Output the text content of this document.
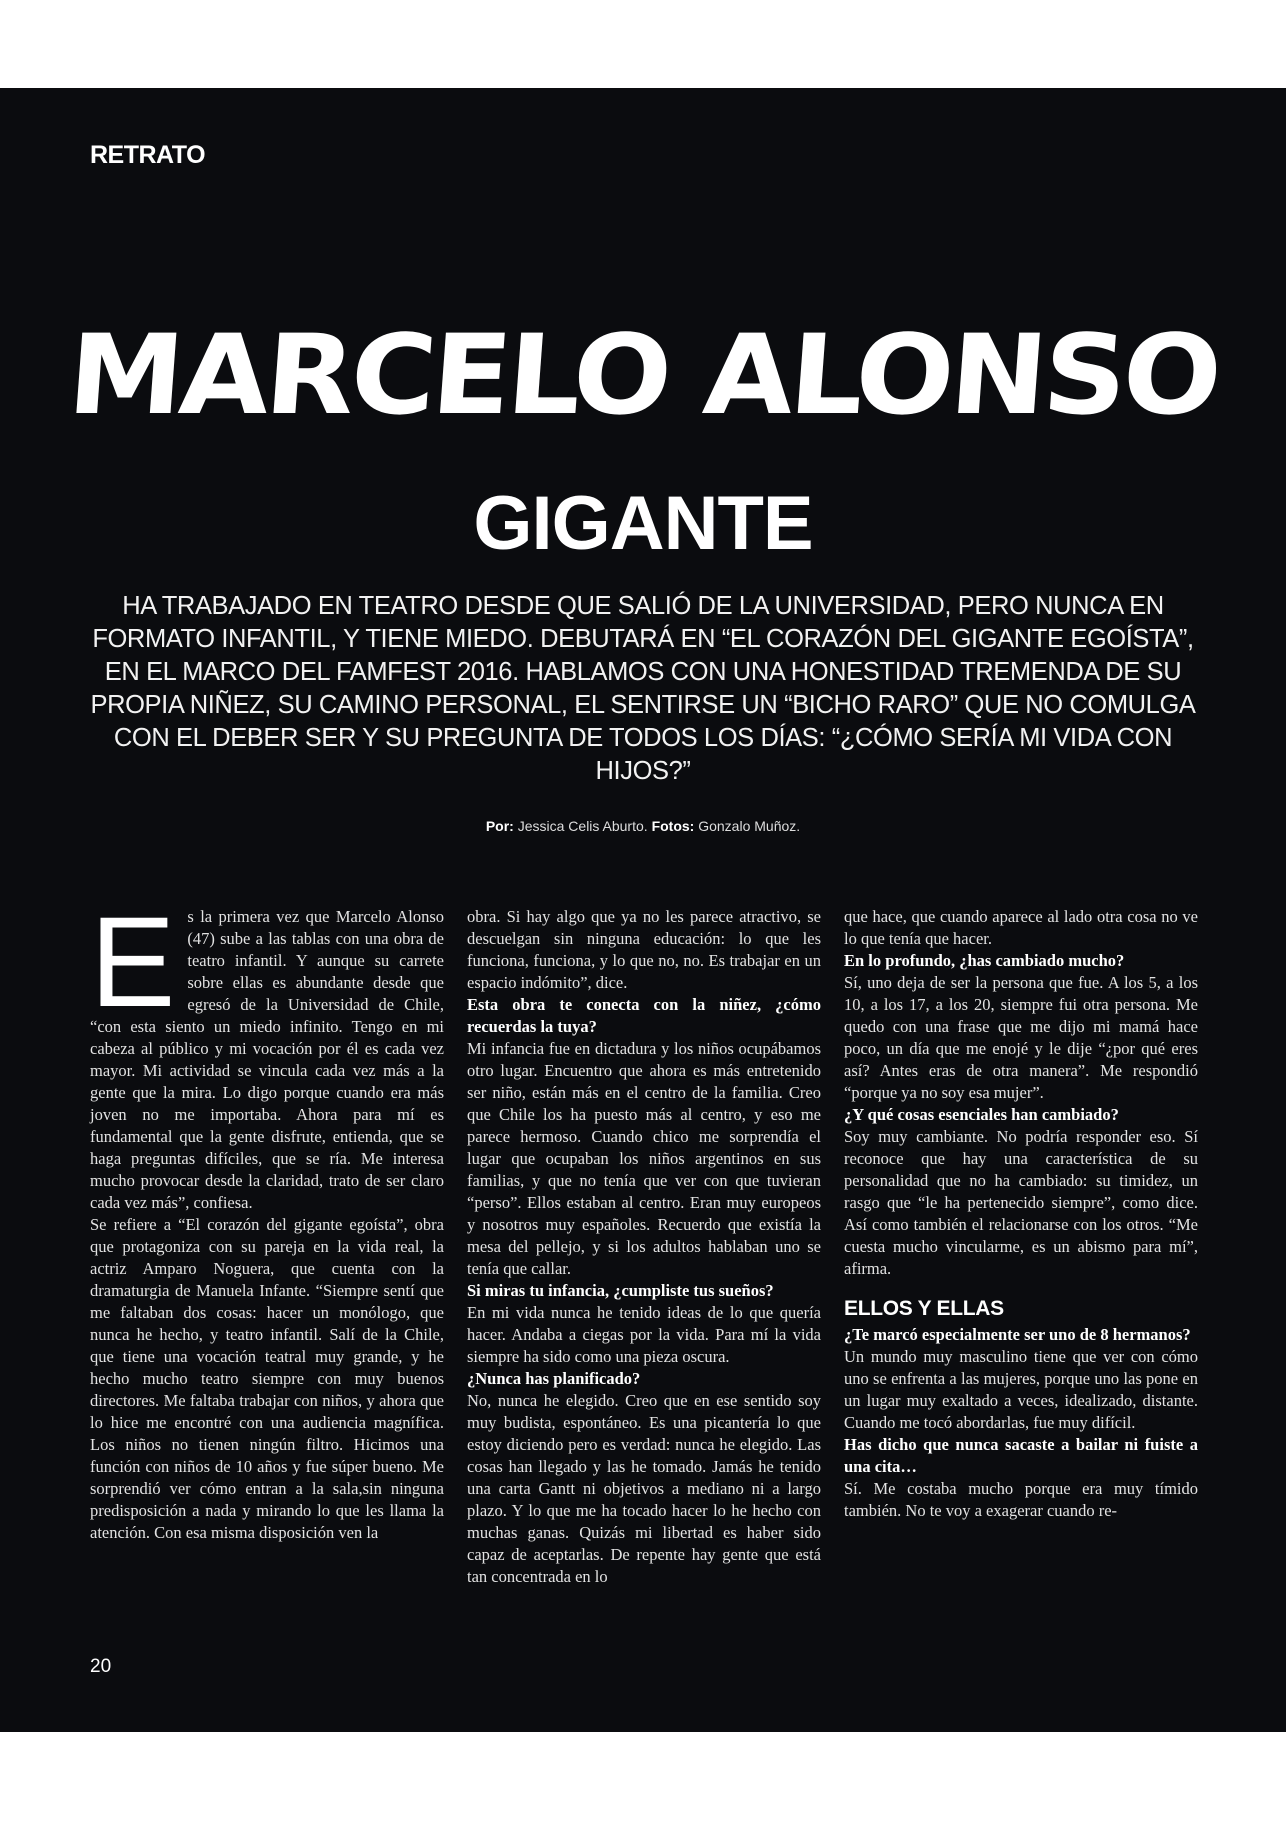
RETRATO
MARCELO ALONSO
GIGANTE

HA TRABAJADO EN TEATRO DESDE QUE SALIÓ DE LA UNIVERSIDAD, PERO NUNCA EN FORMATO INFANTIL, Y TIENE MIEDO. DEBUTARÁ EN “EL CORAZÓN DEL GIGANTE EGOÍSTA”, EN EL MARCO DEL FAMFEST 2016. HABLAMOS CON UNA HONESTIDAD TREMENDA DE SU PROPIA NIÑEZ, SU CAMINO PERSONAL, EL SENTIRSE UN “BICHO RARO” QUE NO COMULGA CON EL DEBER SER Y SU PREGUNTA DE TODOS LOS DÍAS: “¿CÓMO SERÍA MI VIDA CON HIJOS?”

Por: Jessica Celis Aburto. Fotos: Gonzalo Muñoz.
E s la primera vez que Marcelo Alonso (47) sube a las tablas con una obra de teatro infantil. Y aunque su carrete sobre ellas es abundante desde que egresó de la Universidad de Chile, “con esta siento un miedo infinito. Tengo en mi cabeza al público y mi vocación por él es cada vez mayor. Mi actividad se vincula cada vez más a la gente que la mira. Lo digo porque cuando era más joven no me importaba. Ahora para mí es fundamental que la gente disfrute, entienda, que se haga preguntas difíciles, que se ría. Me interesa mucho provocar desde la claridad, trato de ser claro cada vez más”, confiesa.

Se refiere a “El corazón del gigante egoísta”, obra que protagoniza con su pareja en la vida real, la actriz Amparo Noguera, que cuenta con la dramaturgia de Manuela Infante. “Siempre sentí que me faltaban dos cosas: hacer un monólogo, que nunca he hecho, y teatro infantil. Salí de la Chile, que tiene una vocación teatral muy grande, y he hecho mucho teatro siempre con muy buenos directores. Me faltaba trabajar con niños, y ahora que lo hice me encontré con una audiencia magnífica. Los niños no tienen ningún filtro. Hicimos una función con niños de 10 años y fue súper bueno. Me sorprendió ver cómo entran a la sala,sin ninguna predisposición a nada y mirando lo que les llama la atención. Con esa misma disposición ven la

obra. Si hay algo que ya no les parece atractivo, se descuelgan sin ninguna educación: lo que les funciona, funciona, y lo que no, no. Es trabajar en un espacio indómito”, dice.

Esta obra te conecta con la niñez, ¿cómo recuerdas la tuya?

Mi infancia fue en dictadura y los niños ocupábamos otro lugar. Encuentro que ahora es más entretenido ser niño, están más en el centro de la familia. Creo que Chile los ha puesto más al centro, y eso me parece hermoso. Cuando chico me sorprendía el lugar que ocupaban los niños argentinos en sus familias, y que no tenía que ver con que tuvieran “perso”. Ellos estaban al centro. Eran muy europeos y nosotros muy españoles. Recuerdo que existía la mesa del pellejo, y si los adultos hablaban uno se tenía que callar.

Si miras tu infancia, ¿cumpliste tus sueños?

En mi vida nunca he tenido ideas de lo que quería hacer. Andaba a ciegas por la vida. Para mí la vida siempre ha sido como una pieza oscura.

¿Nunca has planificado?

No, nunca he elegido. Creo que en ese sentido soy muy budista, espontáneo. Es una picantería lo que estoy diciendo pero es verdad: nunca he elegido. Las cosas han llegado y las he tomado. Jamás he tenido una carta Gantt ni objetivos a mediano ni a largo plazo. Y lo que me ha tocado hacer lo he hecho con muchas ganas. Quizás mi libertad es haber sido capaz de aceptarlas. De repente hay gente que está tan concentrada en lo

que hace, que cuando aparece al lado otra cosa no ve lo que tenía que hacer.

En lo profundo, ¿has cambiado mucho?

Sí, uno deja de ser la persona que fue. A los 5, a los 10, a los 17, a los 20, siempre fui otra persona. Me quedo con una frase que me dijo mi mamá hace poco, un día que me enojé y le dije “¿por qué eres así? Antes eras de otra manera”. Me respondió “porque ya no soy esa mujer”.

¿Y qué cosas esenciales han cambiado?

Soy muy cambiante. No podría responder eso. Sí reconoce que hay una característica de su personalidad que no ha cambiado: su timidez, un rasgo que “le ha pertenecido siempre”, como dice. Así como también el relacionarse con los otros. “Me cuesta mucho vincularme, es un abismo para mí”, afirma.

ELLOS Y ELLAS

¿Te marcó especialmente ser uno de 8 hermanos?

Un mundo muy masculino tiene que ver con cómo uno se enfrenta a las mujeres, porque uno las pone en un lugar muy exaltado a veces, idealizado, distante. Cuando me tocó abordarlas, fue muy difícil.

Has dicho que nunca sacaste a bailar ni fuiste a una cita…

Sí. Me costaba mucho porque era muy tímido también. No te voy a exagerar cuando re-

20
